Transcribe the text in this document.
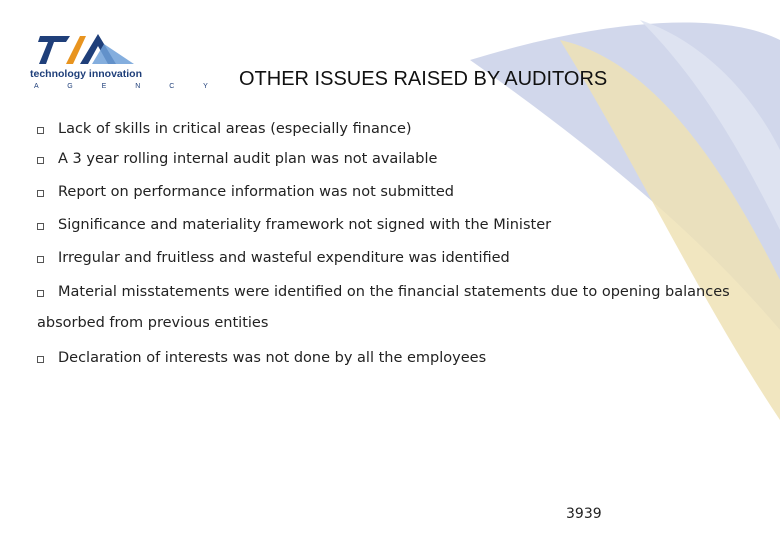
technology innovation
A G E N C Y OTHER ISSUES RAISED BY AUDITORS
Lack of skills in critical areas (especially finance)
A 3 year rolling internal audit plan was not available
Report on performance information was not submitted
Significance and materiality framework not signed with the Minister
Irregular and fruitless and wasteful expenditure was identified
Material misstatements were identified on the financial statements due to opening balances
absorbed from previous entities
Declaration of interests was not done by all the employees
3939
